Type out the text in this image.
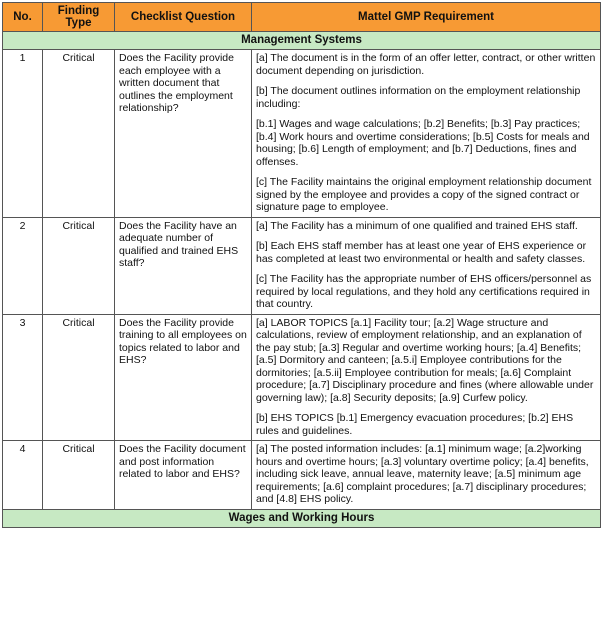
No.	Finding Type	Checklist Question	Mattel GMP Requirement
Management Systems			
1	Critical	Does the Facility provide each employee with a written document that outlines the employment relationship?	[a] The document is in the form of an offer letter, contract, or other written document depending on jurisdiction.

[b] The document outlines information on the employment relationship including:

[b.1] Wages and wage calculations; [b.2] Benefits; [b.3] Pay practices; [b.4] Work hours and overtime considerations; [b.5] Costs for meals and housing; [b.6] Length of employment; and [b.7] Deductions, fines and offenses.

[c] The Facility maintains the original employment relationship document signed by the employee and provides a copy of the signed contract or signature page to employee.

2	Critical	Does the Facility have an adequate number of qualified and trained EHS staff?	[a] The Facility has a minimum of one qualified and trained EHS staff.

[b] Each EHS staff member has at least one year of EHS experience or has completed at least two environmental or health and safety classes.

[c] The Facility has the appropriate number of EHS officers/personnel as required by local regulations, and they hold any certifications required in that country.

3	Critical	Does the Facility provide training to all employees on topics related to labor and EHS?	[a] LABOR TOPICS [a.1] Facility tour; [a.2] Wage structure and calculations, review of employment relationship, and an explanation of the pay stub; [a.3] Regular and overtime working hours; [a.4] Benefits; [a.5] Dormitory and canteen; [a.5.i] Employee contributions for the dormitories; [a.5.ii] Employee contribution for meals; [a.6] Complaint procedure; [a.7] Disciplinary procedure and fines (where allowable under governing law); [a.8] Security deposits; [a.9] Curfew policy.

[b] EHS TOPICS [b.1] Emergency evacuation procedures; [b.2] EHS rules and guidelines.

4	Critical	Does the Facility document and post information related to labor and EHS?	[a] The posted information includes: [a.1] minimum wage; [a.2]working hours and overtime hours; [a.3] voluntary overtime policy; [a.4] benefits, including sick leave, annual leave, maternity leave; [a.5] minimum age requirements; [a.6] complaint procedures; [a.7] disciplinary procedures; and [4.8] EHS policy.

Wages and Working Hours			
